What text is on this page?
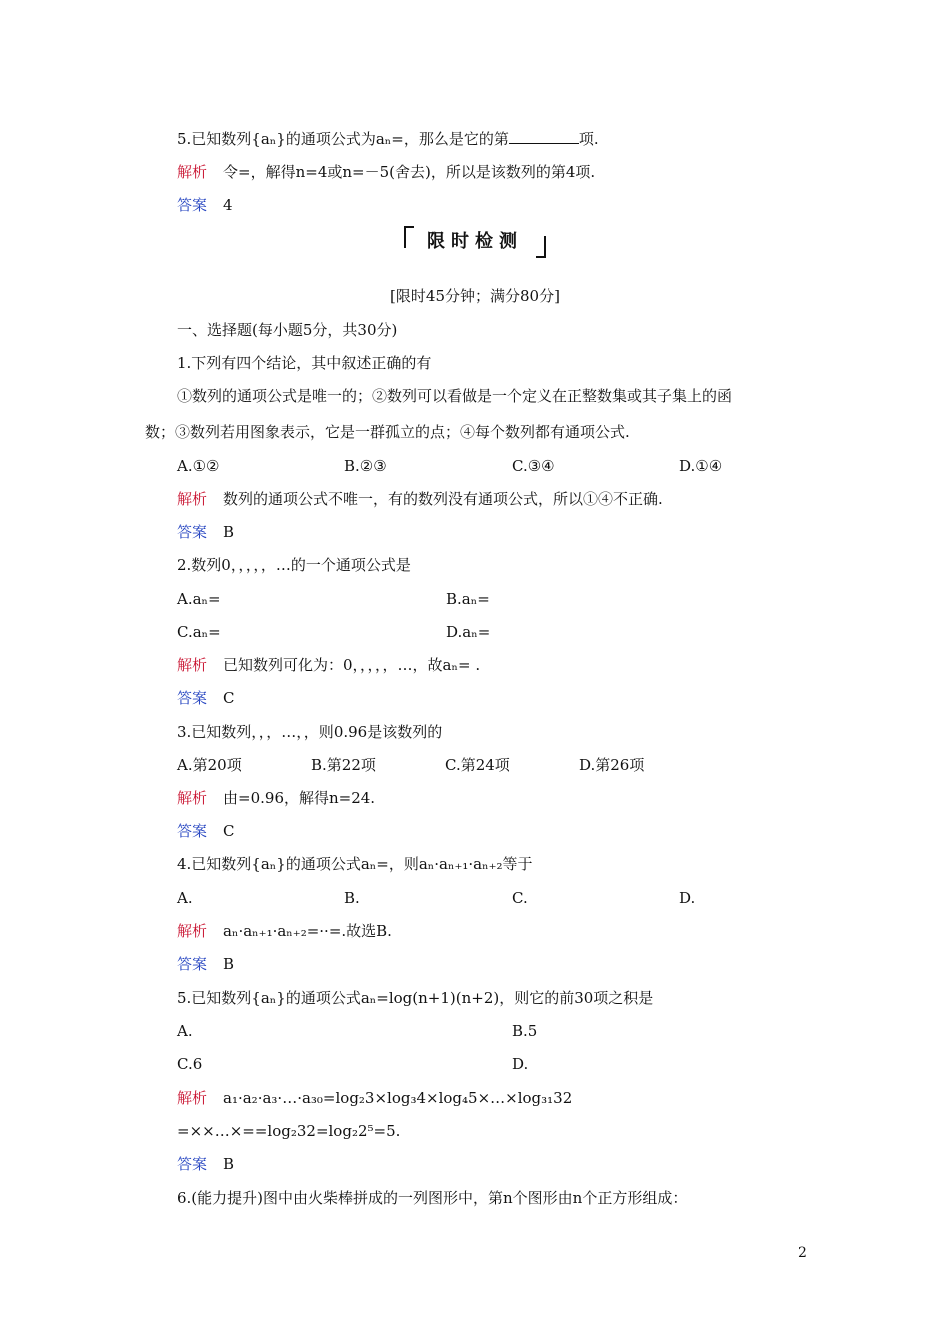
5.已知数列{aₙ}的通项公式为aₙ=，那么是它的第	项.
解析 令=，解得n=4或n=－5(舍去)，所以是该数列的第4项.
答案 4
限时检测
[限时45分钟；满分80分]
一、选择题(每小题5分，共30分)
1.下列有四个结论，其中叙述正确的有
①数列的通项公式是唯一的；②数列可以看做是一个定义在正整数集或其子集上的函
数；③数列若用图象表示，它是一群孤立的点；④每个数列都有通项公式.
A.①②	B.②③	C.③④	D.①④
解析 数列的通项公式不唯一，有的数列没有通项公式，所以①④不正确.
答案 B
2.数列0，，，，，…的一个通项公式是
A.aₙ=	B.aₙ=
C.aₙ=	D.aₙ=
解析 已知数列可化为：0，，，，，…，故aₙ= .
答案 C
3.已知数列，，，…，，则0.96是该数列的
A.第20项	B.第22项	C.第24项	D.第26项
解析 由=0.96，解得n=24.
答案 C
4.已知数列{aₙ}的通项公式aₙ=，则aₙ·aₙ₊₁·aₙ₊₂等于
A.	B.	C.	D.
解析 aₙ·aₙ₊₁·aₙ₊₂=··=.故选B.
答案 B
5.已知数列{aₙ}的通项公式aₙ=log(n+1)(n+2)，则它的前30项之积是
A.	B.5
C.6	D.
解析 a₁·a₂·a₃·…·a₃₀=log₂3×log₃4×log₄5×…×log₃₁32
=××…×==log₂32=log₂2⁵=5.
答案 B
6.(能力提升)图中由火柴棒拼成的一列图形中，第n个图形由n个正方形组成：
2
